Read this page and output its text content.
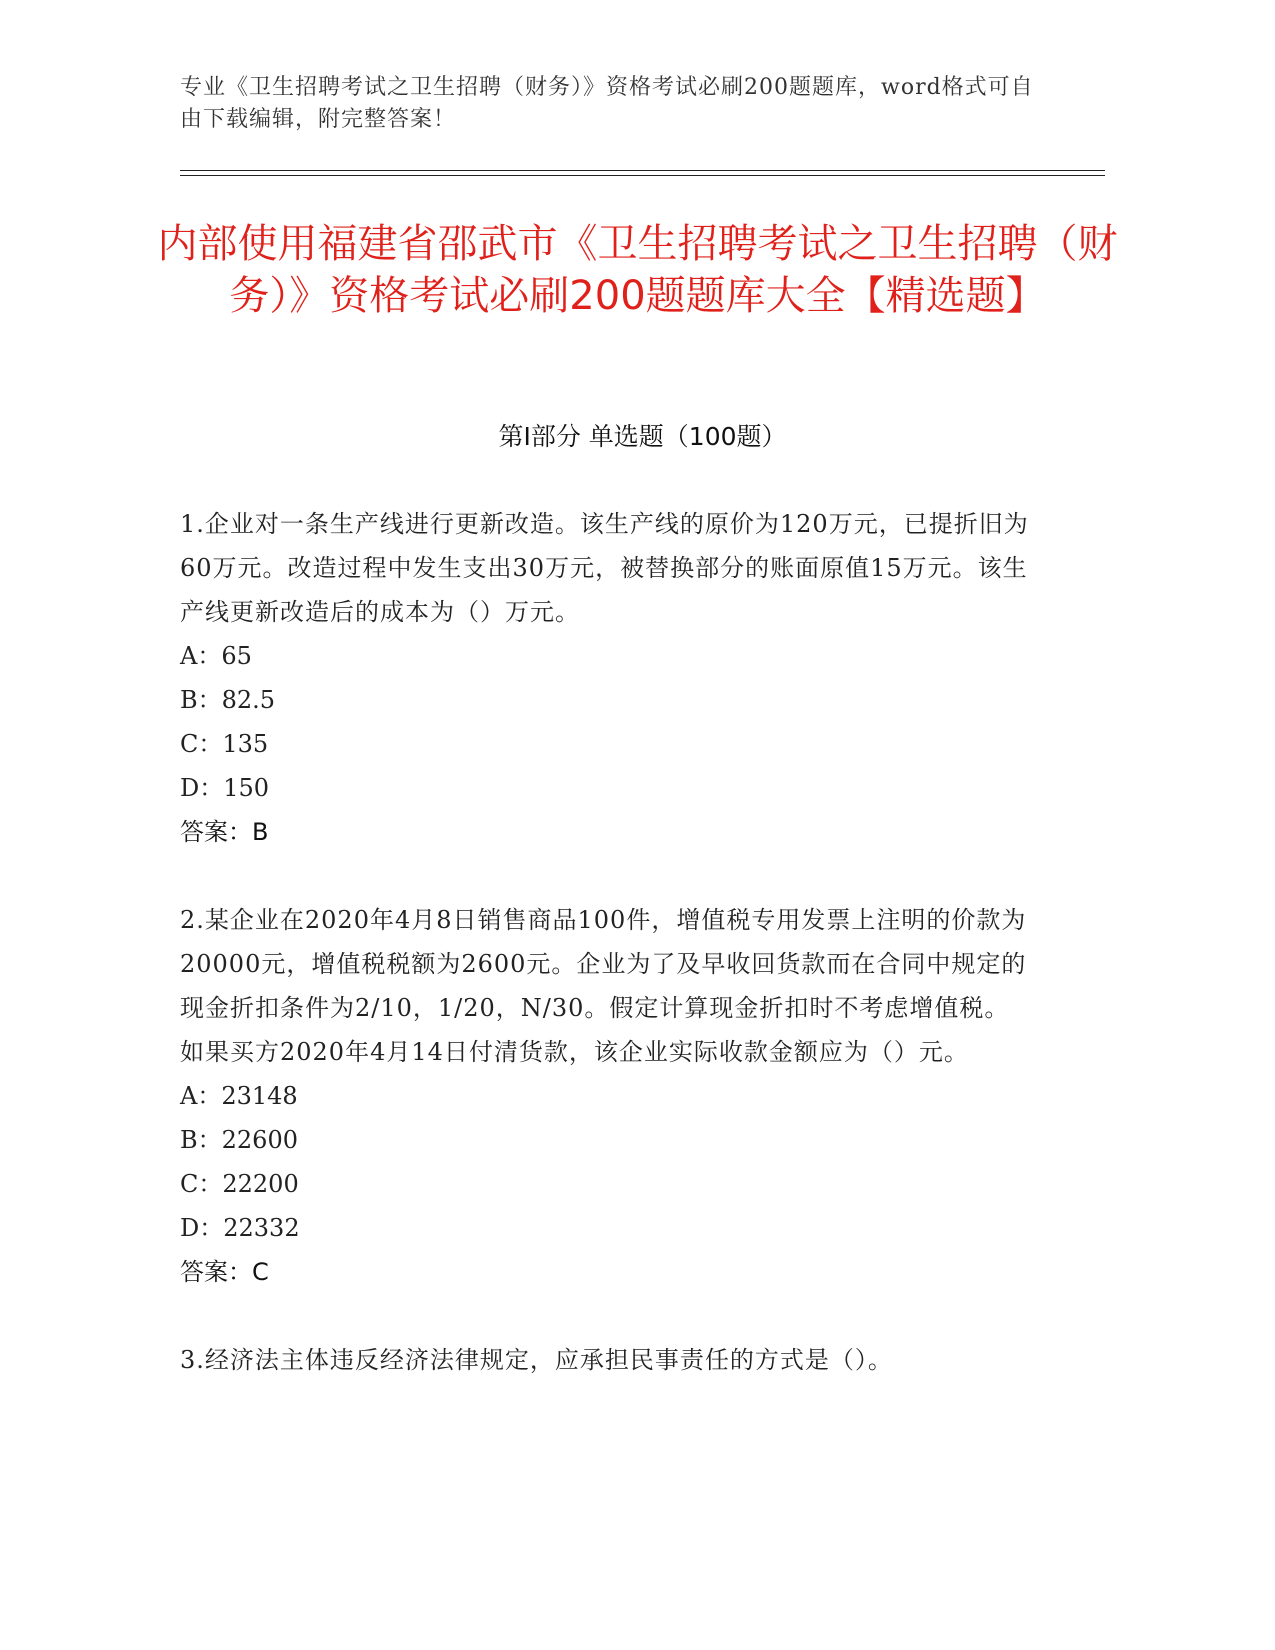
专业《卫生招聘考试之卫生招聘（财务）》资格考试必刷200题题库，word格式可自由下载编辑，附完整答案！
内部使用福建省邵武市《卫生招聘考试之卫生招聘（财务）》资格考试必刷200题题库大全【精选题】
第Ⅰ部分 单选题（100题）
1.企业对一条生产线进行更新改造。该生产线的原价为120万元，已提折旧为60万元。改造过程中发生支出30万元，被替换部分的账面原值15万元。该生产线更新改造后的成本为（）万元。
A：65
B：82.5
C：135
D：150
答案：B
2.某企业在2020年4月8日销售商品100件，增值税专用发票上注明的价款为20000元，增值税税额为2600元。企业为了及早收回货款而在合同中规定的现金折扣条件为2/10，1/20，N/30。假定计算现金折扣时不考虑增值税。如果买方2020年4月14日付清货款，该企业实际收款金额应为（）元。
A：23148
B：22600
C：22200
D：22332
答案：C
3.经济法主体违反经济法律规定，应承担民事责任的方式是（）。
